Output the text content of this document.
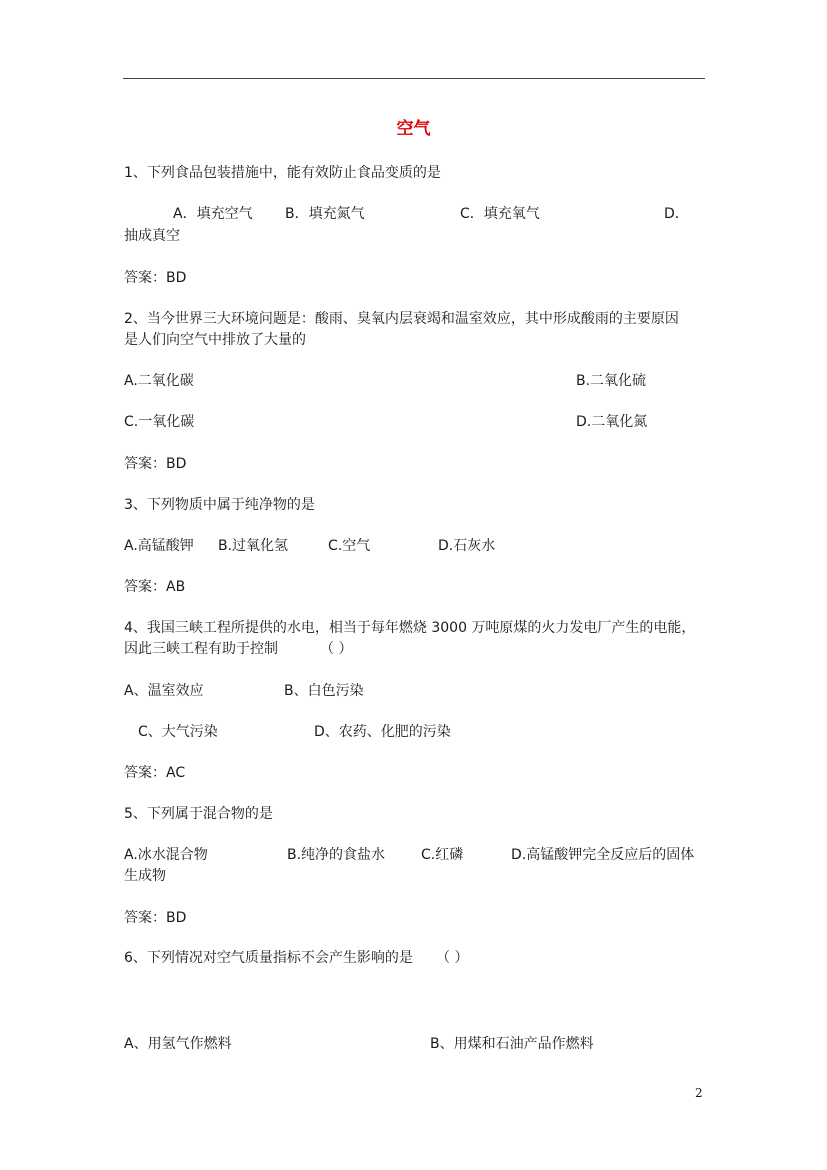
空气
1、下列食品包装措施中，能有效防止食品变质的是
A．填充空气 B．填充氮气	C．填充氧气	D．
抽成真空
答案：BD
2、当今世界三大环境问题是：酸雨、臭氧内层衰竭和温室效应，其中形成酸雨的主要原因
是人们向空气中排放了大量的
A.二氧化碳	B.二氧化硫
C.一氧化碳	D.二氧化氮
答案：BD
3、下列物质中属于纯净物的是
A.高锰酸钾 B.过氧化氢	C.空气	D.石灰水
答案：AB
4、我国三峡工程所提供的水电，相当于每年燃烧 3000 万吨原煤的火力发电厂产生的电能，
因此三峡工程有助于控制	（ ）
A、温室效应	B、白色污染
C、大气污染	D、农药、化肥的污染
答案：AC
5、下列属于混合物的是
A.冰水混合物	B.纯净的食盐水	C.红磷	D.高锰酸钾完全反应后的固体
生成物
答案：BD
6、下列情况对空气质量指标不会产生影响的是 （ ）
A、用氢气作燃料	B、用煤和石油产品作燃料
2
